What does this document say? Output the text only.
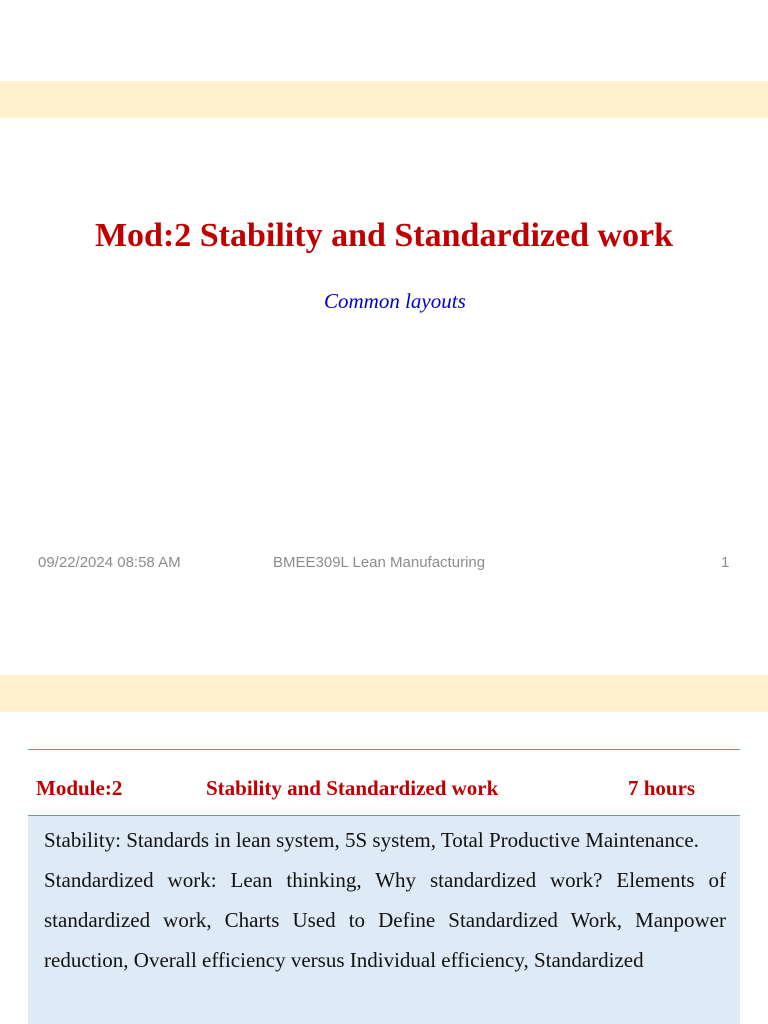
Mod:2 Stability and Standardized work

Common layouts

09/22/2024 08:58 AM	BMEE309L Lean Manufacturing	1
Module:2	Stability and Standardized work	7 hours

Stability: Standards in lean system, 5S system, Total Productive Maintenance.

Standardized work: Lean thinking, Why standardized work? Elements of standardized work, Charts Used to Define Standardized Work, Manpower reduction, Overall efficiency versus Individual efficiency, Standardized
